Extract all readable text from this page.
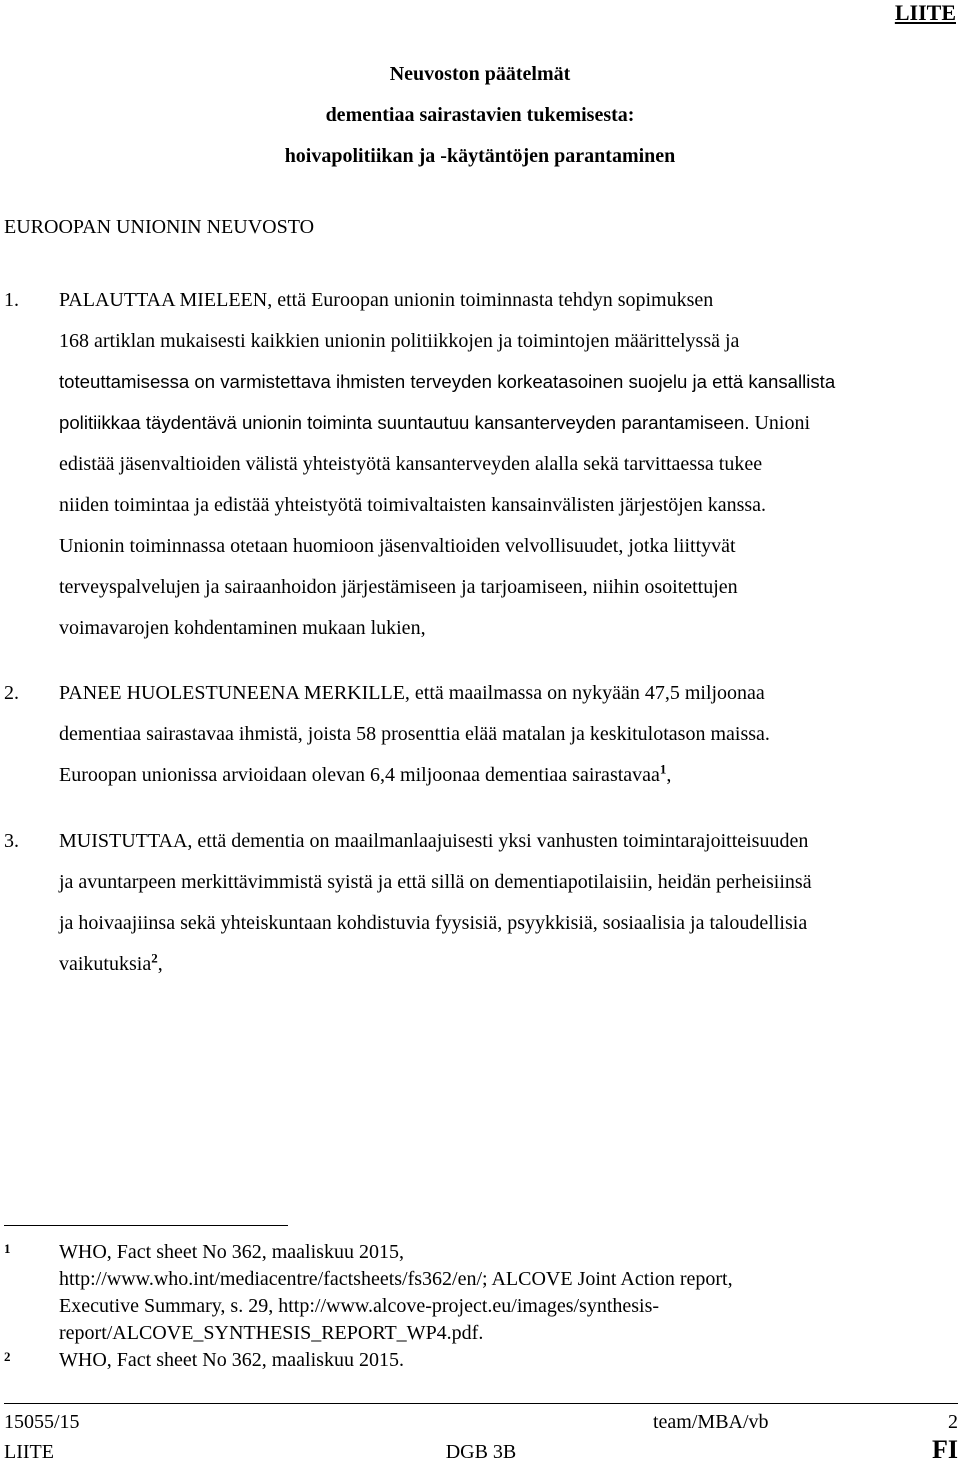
LIITE
Neuvoston päätelmät
dementiaa sairastavien tukemisesta:
hoivapolitiikan ja -käytäntöjen parantaminen
EUROOPAN UNIONIN NEUVOSTO
1. PALAUTTAA MIELEEN, että Euroopan unionin toiminnasta tehdyn sopimuksen
168 artiklan mukaisesti kaikkien unionin politiikkojen ja toimintojen määrittelyssä ja
toteuttamisessa on varmistettava ihmisten terveyden korkeatasoinen suojelu ja että kansallista
politiikkaa täydentävä unionin toiminta suuntautuu kansanterveyden parantamiseen. Unioni
edistää jäsenvaltioiden välistä yhteistyötä kansanterveyden alalla sekä tarvittaessa tukee
niiden toimintaa ja edistää yhteistyötä toimivaltaisten kansainvälisten järjestöjen kanssa.
Unionin toiminnassa otetaan huomioon jäsenvaltioiden velvollisuudet, jotka liittyvät
terveyspalvelujen ja sairaanhoidon järjestämiseen ja tarjoamiseen, niihin osoitettujen
voimavarojen kohdentaminen mukaan lukien,
2. PANEE HUOLESTUNEENA MERKILLE, että maailmassa on nykyään 47,5 miljoonaa
dementiaa sairastavaa ihmistä, joista 58 prosenttia elää matalan ja keskitulotason maissa.
Euroopan unionissa arvioidaan olevan 6,4 miljoonaa dementiaa sairastavaa$^1$,
3. MUISTUTTAA, että dementia on maailmanlaajuisesti yksi vanhusten toimintarajoitteisuuden
ja avuntarpeen merkittävimmistä syistä ja että sillä on dementiapotilaisiin, heidän perheisiinsä
ja hoivaajiinsa sekä yhteiskuntaan kohdistuvia fyysisiä, psyykkisiä, sosiaalisia ja taloudellisia
vaikutuksia$^2$,
1 WHO, Fact sheet No 362, maaliskuu 2015,
http://www.who.int/mediacentre/factsheets/fs362/en/; ALCOVE Joint Action report,
Executive Summary, s. 29, http://www.alcove-project.eu/images/synthesis-
report/ALCOVE_SYNTHESIS_REPORT_WP4.pdf.
2 WHO, Fact sheet No 362, maaliskuu 2015.
15055/15	team/MBA/vb	2
LIITE	DGB 3B	FI
